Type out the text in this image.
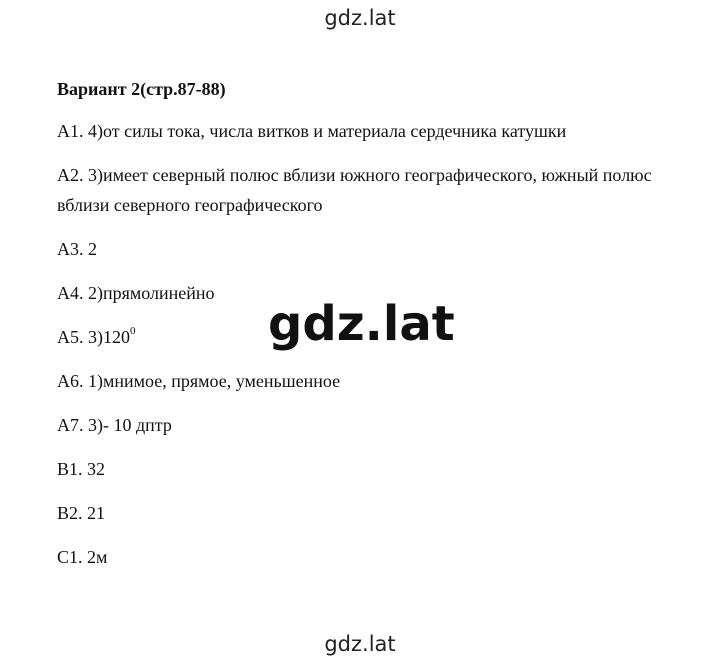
gdz.lat
Вариант 2(стр.87-88)
А1. 4)от силы тока, числа витков и материала сердечника катушки
А2. 3)имеет северный полюс вблизи южного географического, южный полюс вблизи северного географического
А3. 2
А4. 2)прямолинейно
А5. $3)120^0$
А6. 1)мнимое, прямое, уменьшенное
А7. 3)- 10 дптр
В1. 32
В2. 21
С1. 2м
gdz.lat
gdz.lat
